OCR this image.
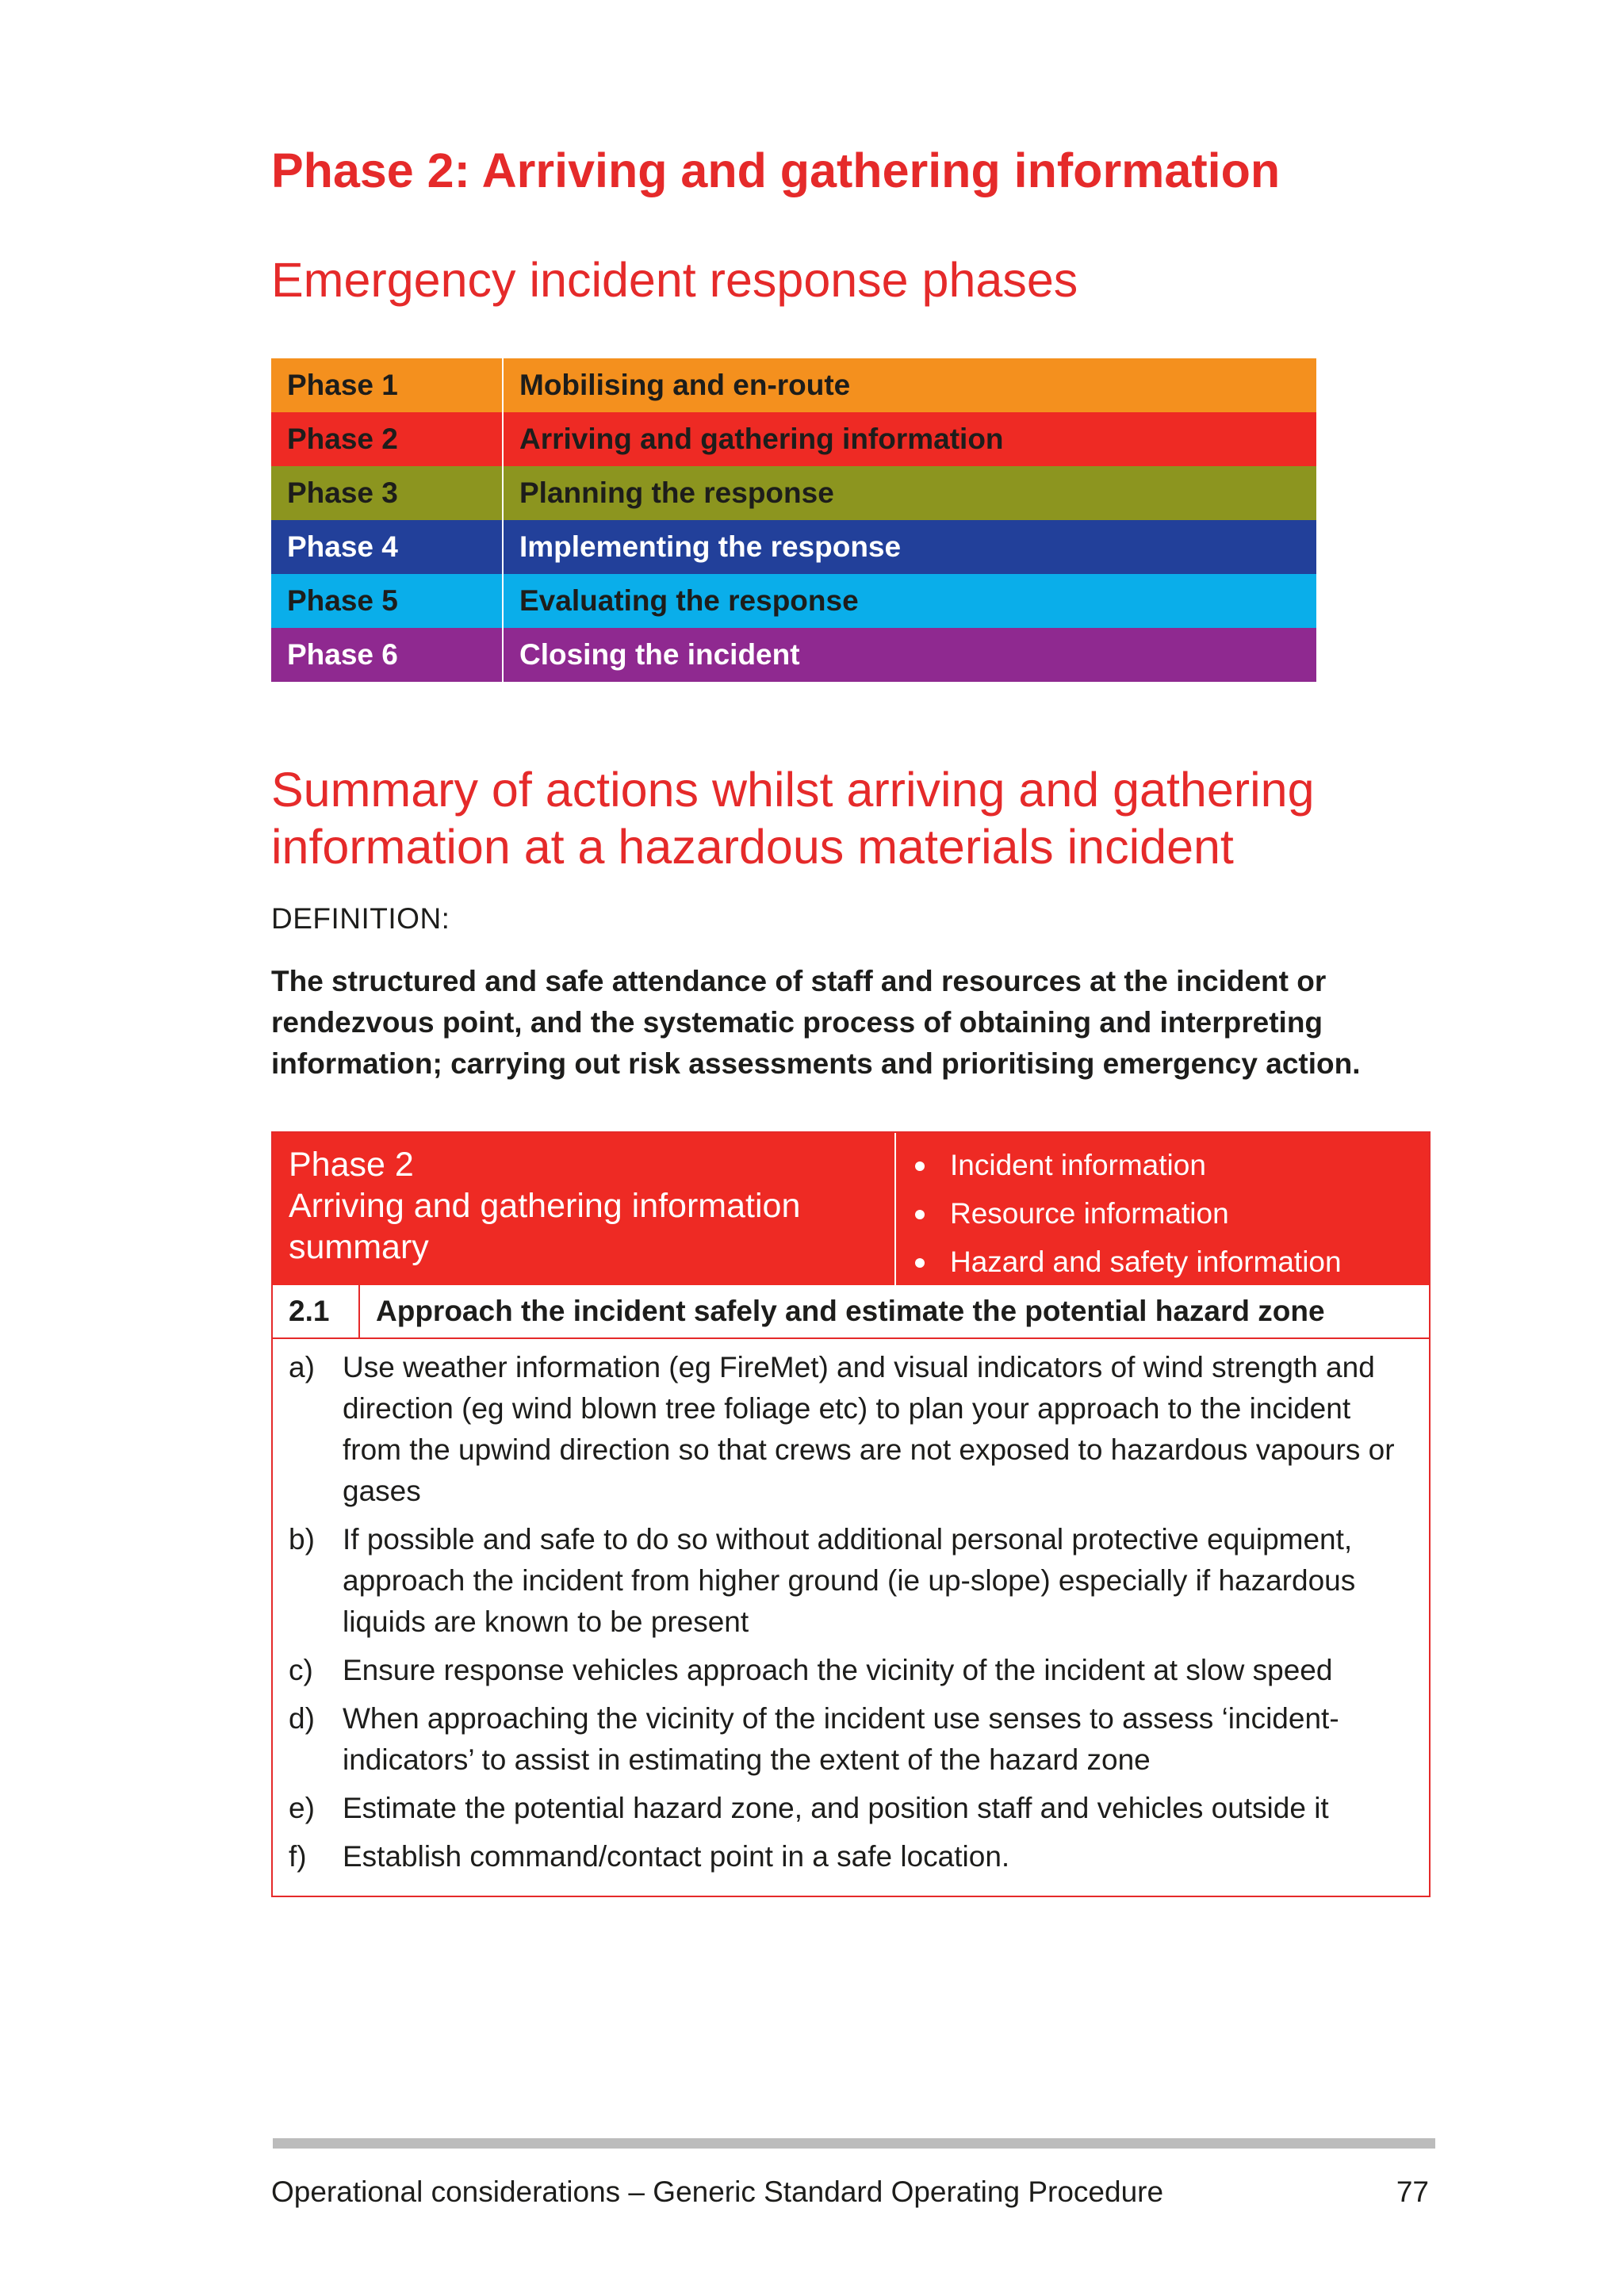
Phase 2: Arriving and gathering information
Emergency incident response phases
Phase 1	Mobilising and en-route
Phase 2	Arriving and gathering information
Phase 3	Planning the response
Phase 4	Implementing the response
Phase 5	Evaluating the response
Phase 6	Closing the incident
Summary of actions whilst arriving and gathering information at a hazardous materials incident
DEFINITION:
The structured and safe attendance of staff and resources at the incident or rendezvous point, and the systematic process of obtaining and interpreting information; carrying out risk assessments and prioritising emergency action.
Phase 2
Arriving and gathering information
summary
Incident information
Resource information
Hazard and safety information
2.1	Approach the incident safely and estimate the potential hazard zone
a) Use weather information (eg FireMet) and visual indicators of wind strength and direction (eg wind blown tree foliage etc) to plan your approach to the incident from the upwind direction so that crews are not exposed to hazardous vapours or gases
b) If possible and safe to do so without additional personal protective equipment, approach the incident from higher ground (ie up-slope) especially if hazardous liquids are known to be present
c)	Ensure response vehicles approach the vicinity of the incident at slow speed
d) When approaching the vicinity of the incident use senses to assess ‘incident-indicators’ to assist in estimating the extent of the hazard zone
e) Estimate the potential hazard zone, and position staff and vehicles outside it
f)	Establish command/contact point in a safe location.
Operational considerations – Generic Standard Operating Procedure	77
